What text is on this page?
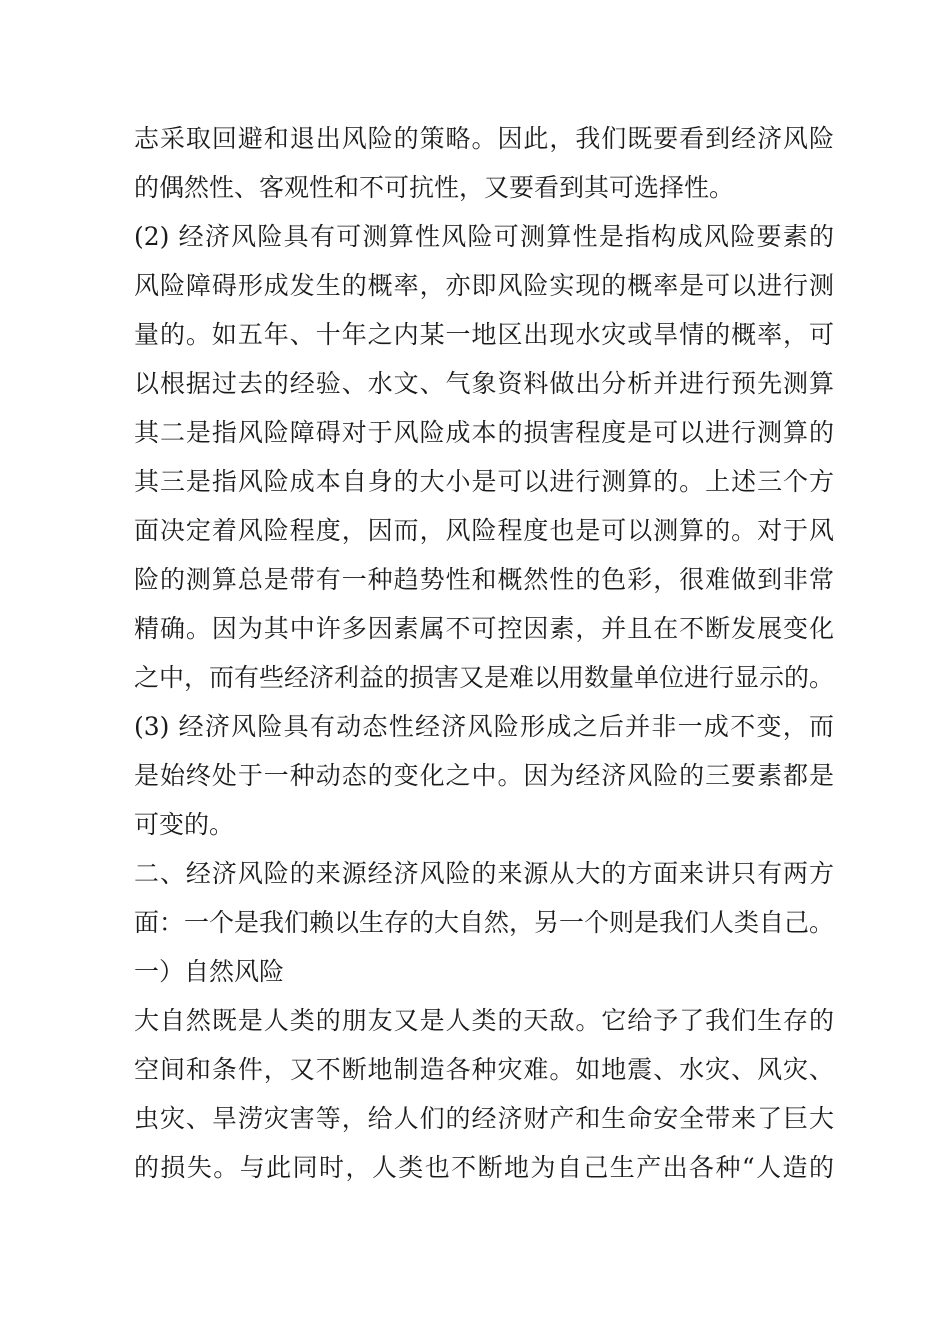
志采取回避和退出风险的策略。因此，我们既要看到经济风险
的偶然性、客观性和不可抗性，又要看到其可选择性。
(2) 经济风险具有可测算性风险可测算性是指构成风险要素的
风险障碍形成发生的概率，亦即风险实现的概率是可以进行测
量的。如五年、十年之内某一地区出现水灾或旱情的概率，可
以根据过去的经验、水文、气象资料做出分析并进行预先测算
其二是指风险障碍对于风险成本的损害程度是可以进行测算的
其三是指风险成本自身的大小是可以进行测算的。上述三个方
面决定着风险程度，因而，风险程度也是可以测算的。对于风
险的测算总是带有一种趋势性和概然性的色彩，很难做到非常
精确。因为其中许多因素属不可控因素，并且在不断发展变化
之中，而有些经济利益的损害又是难以用数量单位进行显示的。
(3) 经济风险具有动态性经济风险形成之后并非一成不变，而
是始终处于一种动态的变化之中。因为经济风险的三要素都是
可变的。
二、经济风险的来源经济风险的来源从大的方面来讲只有两方
面：一个是我们赖以生存的大自然，另一个则是我们人类自己。
一）自然风险
大自然既是人类的朋友又是人类的天敌。它给予了我们生存的
空间和条件，又不断地制造各种灾难。如地震、水灾、风灾、
虫灾、旱涝灾害等，给人们的经济财产和生命安全带来了巨大
的损失。与此同时，人类也不断地为自己生产出各种“人造的
